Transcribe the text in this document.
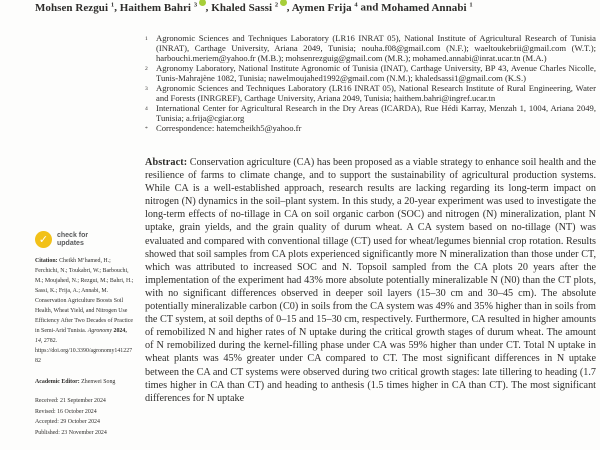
Mohsen Rezgui $^1$, Haithem Bahri $^3$ , Khaled Sassi $^2$ , Aymen Frija $^4$ and Mohamed Annabi $^1$
✓	check for
updates

Citation: Cheikh M’hamed, H.; Ferchichi, N.; Toukabri, W.; Barbouchi, M.; Moujahed, N.; Rezgui, M.; Bahri, H.; Sassi, K.; Frija, A.; Annabi, M. Conservation Agriculture Boosts Soil Health, Wheat Yield, and Nitrogen Use Efficiency After Two Decades of Practice in Semi-Arid Tunisia. Agronomy 2024, 14, 2782. https://doi.org/10.3390/agronomy14122782

Academic Editor: Zhenwei Song

Received: 21 September 2024
Revised: 16 October 2024
Accepted: 29 October 2024
Published: 23 November 2024
1 Agronomic Sciences and Techniques Laboratory (LR16 INRAT 05), National Institute of Agricultural Research of Tunisia (INRAT), Carthage University, Ariana 2049, Tunisia; nouha.f08@gmail.com (N.F.); waeltoukebrii@gmail.com (W.T.); harbouchi.meriem@yahoo.fr (M.B.); mohsenrezguig@gmail.com (M.R.); mohamed.annabi@inrat.ucar.tn (M.A.)
2 Agronomy Laboratory, National Institute Agronomic of Tunisia (INAT), Carthage University, BP 43, Avenue Charles Nicolle, Tunis-Mahrajène 1082, Tunisia; nawelmoujahed1992@gmail.com (N.M.); khaledsassi1@gmail.com (K.S.)
3 Agronomic Sciences and Techniques Laboratory (LR16 INRAT 05), National Research Institute of Rural Engineering, Water and Forests (INRGREF), Carthage University, Ariana 2049, Tunisia; haithem.bahri@ingref.ucar.tn
4 International Center for Agricultural Research in the Dry Areas (ICARDA), Rue Hédi Karray, Menzah 1, 1004, Ariana 2049, Tunisia; a.frija@cgiar.org
* Correspondence: hatemcheikh5@yahoo.fr

Abstract: Conservation agriculture (CA) has been proposed as a viable strategy to enhance soil health and the resilience of farms to climate change, and to support the sustainability of agricultural production systems. While CA is a well-established approach, research results are lacking regarding its long-term impact on nitrogen (N) dynamics in the soil–plant system. In this study, a 20-year experiment was used to investigate the long-term effects of no-tillage in CA on soil organic carbon (SOC) and nitrogen (N) mineralization, plant N uptake, grain yields, and the grain quality of durum wheat. A CA system based on no-tillage (NT) was evaluated and compared with conventional tillage (CT) used for wheat/legumes biennial crop rotation. Results showed that soil samples from CA plots experienced significantly more N mineralization than those under CT, which was attributed to increased SOC and N. Topsoil sampled from the CA plots 20 years after the implementation of the experiment had 43% more absolute potentially mineralizable N (N0) than the CT plots, with no significant differences observed in deeper soil layers (15–30 cm and 30–45 cm). The absolute potentially mineralizable carbon (C0) in soils from the CA system was 49% and 35% higher than in soils from the CT system, at soil depths of 0–15 and 15–30 cm, respectively. Furthermore, CA resulted in higher amounts of remobilized N and higher rates of N uptake during the critical growth stages of durum wheat. The amount of N remobilized during the kernel-filling phase under CA was 59% higher than under CT. Total N uptake in wheat plants was 45% greater under CA compared to CT. The most significant differences in N uptake between the CA and CT systems were observed during two critical growth stages: late tillering to heading (1.7 times higher in CA than CT) and heading to anthesis (1.5 times higher in CA than CT). The most significant differences for N uptake
